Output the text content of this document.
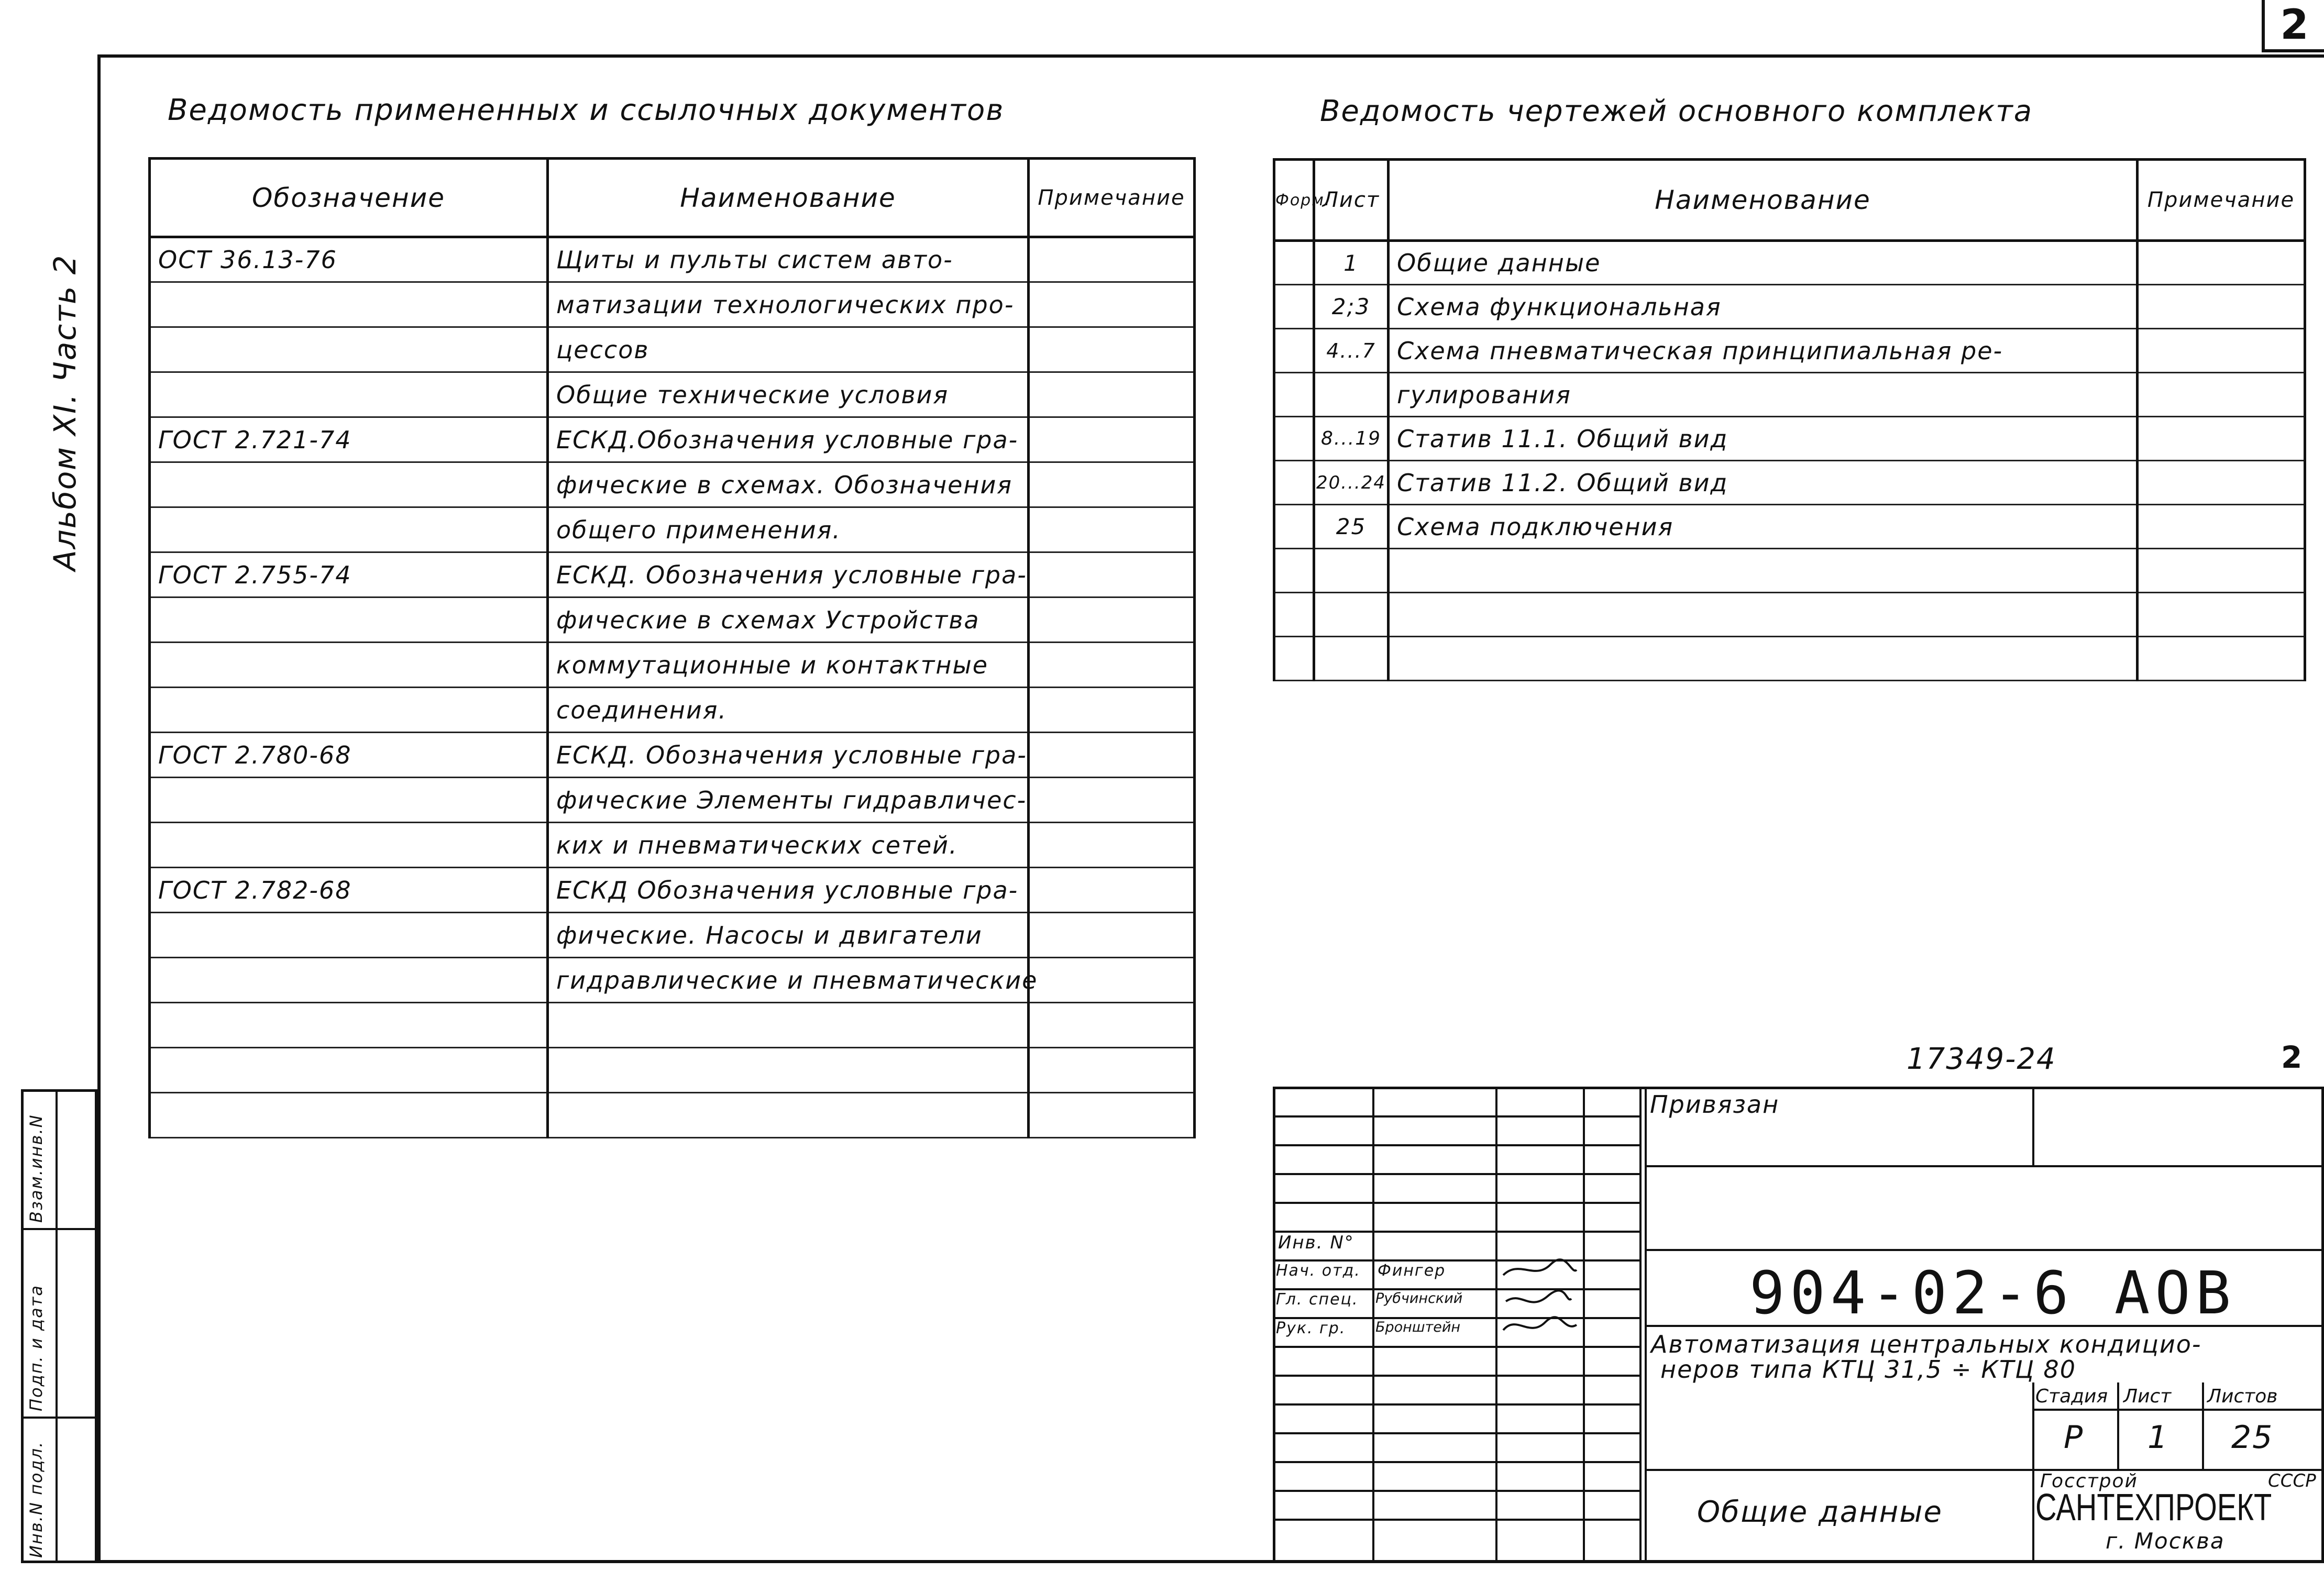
2
Альбом XI. Часть 2
Инв.N подл.
Подп. и дата
Взам.инв.N
Ведомость примененных и ссылочных документов
Обозначение	Наименование	Примечание
ОСТ 36.13-76	Щиты и пульты систем авто-	
	матизации технологических про-	
	цессов	
	Общие технические условия	
ГОСТ 2.721-74	ЕСКД.Обозначения условные гра-	
	фические в схемах. Обозначения	
	общего применения.	
ГОСТ 2.755-74	ЕСКД. Обозначения условные гра-	
	фические в схемах Устройства	
	коммутационные и контактные	
	соединения.	
ГОСТ 2.780-68	ЕСКД. Обозначения условные гра-	
	фические Элементы гидравличес-	
	ких и пневматических сетей.	
ГОСТ 2.782-68	ЕСКД Обозначения условные гра-	
	фические. Насосы и двигатели	
	гидравлические и пневматические	

Ведомость чертежей основного комплекта
Форм.	Лист	Наименование	Примечание
	1	Общие данные	
	2;3	Схема функциональная	
	4...7	Схема пневматическая принципиальная ре-	
		гулирования	
	8...19	Статив 11.1. Общий вид	
	20...24	Статив 11.2. Общий вид	
	25	Схема подключения	

17349-24	2
Инв. N°
Нач. отд. Фингер
Гл. спец. Рубчинский
Рук. гр. Бронштейн
Привязан
904-02-6 АОВ
Автоматизация центральных кондицио-
неров типа КТЦ 31,5 ÷ КТЦ 80
Стадия Лист Листов
Р 1 25
Общие данные
Госстрой	СССР
САНТЕХПРОЕКТ
г. Москва
